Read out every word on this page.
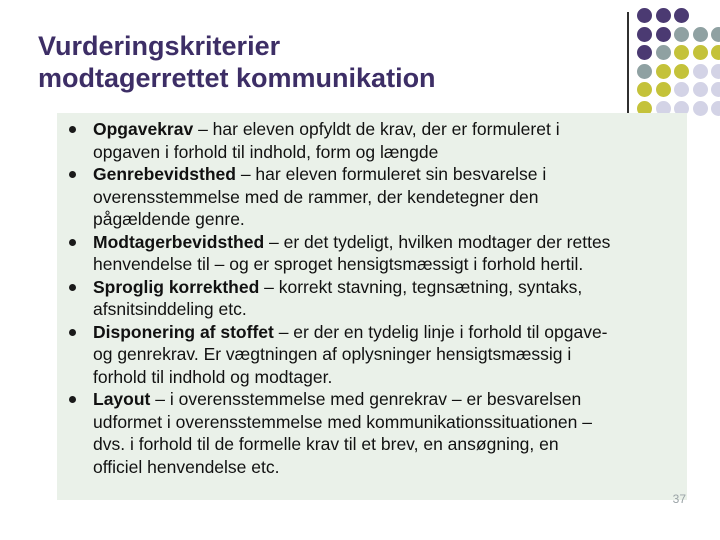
Vurderingskriterier
modtagerrettet kommunikation
Opgavekrav – har eleven opfyldt de krav, der er formuleret i
opgaven i forhold til indhold, form og længde
Genrebevidsthed – har eleven formuleret sin besvarelse i
overensstemmelse med de rammer, der kendetegner den
pågældende genre.
Modtagerbevidsthed – er det tydeligt, hvilken modtager der rettes
henvendelse til – og er sproget hensigtsmæssigt i forhold hertil.
Sproglig korrekthed – korrekt stavning, tegnsætning, syntaks,
afsnitsinddeling etc.
Disponering af stoffet – er der en tydelig linje i forhold til opgave-
og genrekrav. Er vægtningen af oplysninger hensigtsmæssig i
forhold til indhold og modtager.
Layout – i overensstemmelse med genrekrav – er besvarelsen
udformet i overensstemmelse med kommunikationssituationen –
dvs. i forhold til de formelle krav til et brev, en ansøgning, en
officiel henvendelse etc.
37
